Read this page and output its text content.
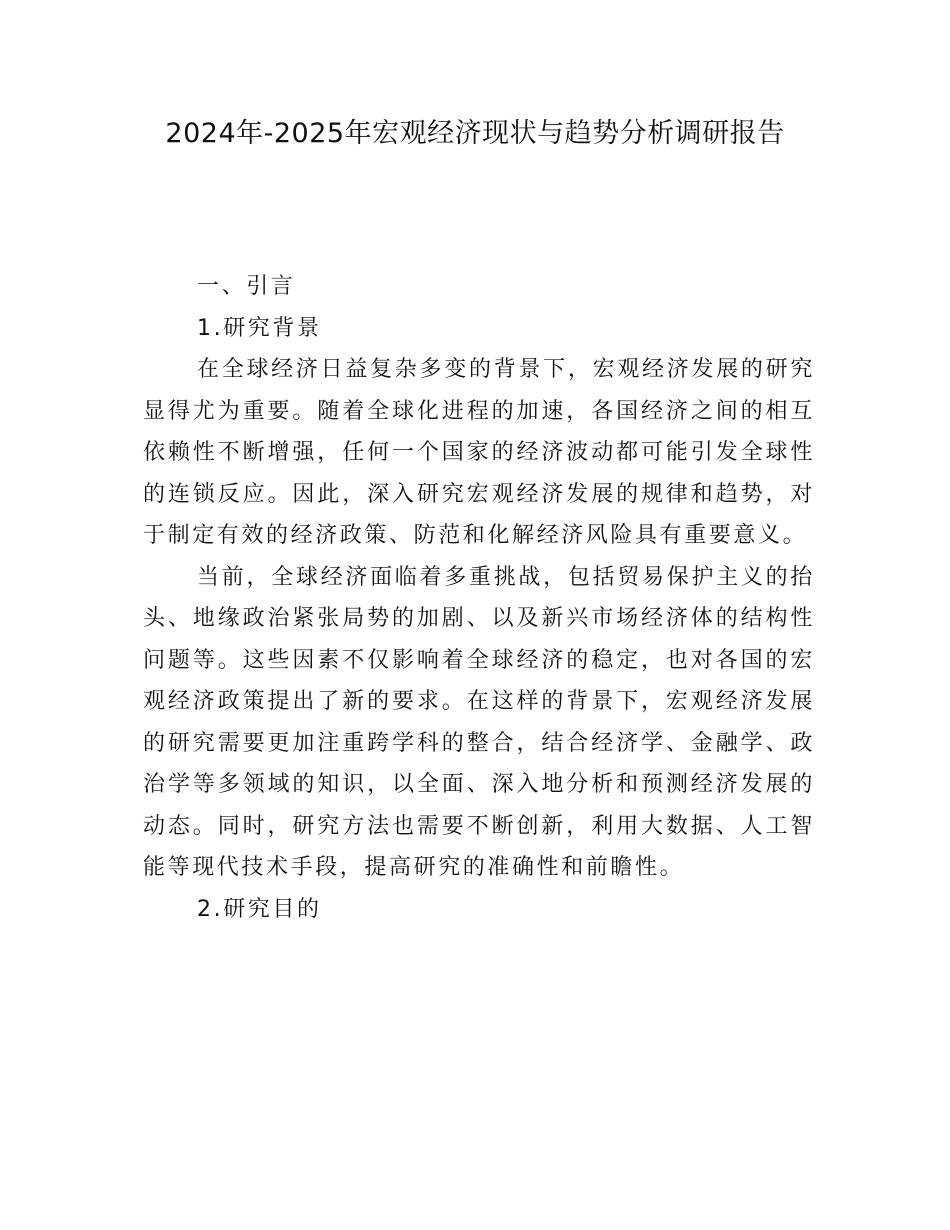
2024年-2025年宏观经济现状与趋势分析调研报告

一、引言

1.研究背景

在全球经济日益复杂多变的背景下，宏观经济发展的研究显得尤为重要。随着全球化进程的加速，各国经济之间的相互依赖性不断增强，任何一个国家的经济波动都可能引发全球性的连锁反应。因此，深入研究宏观经济发展的规律和趋势，对于制定有效的经济政策、防范和化解经济风险具有重要意义。

当前，全球经济面临着多重挑战，包括贸易保护主义的抬头、地缘政治紧张局势的加剧、以及新兴市场经济体的结构性问题等。这些因素不仅影响着全球经济的稳定，也对各国的宏观经济政策提出了新的要求。在这样的背景下，宏观经济发展的研究需要更加注重跨学科的整合，结合经济学、金融学、政治学等多领域的知识，以全面、深入地分析和预测经济发展的动态。同时，研究方法也需要不断创新，利用大数据、人工智能等现代技术手段，提高研究的准确性和前瞻性。

2.研究目的
